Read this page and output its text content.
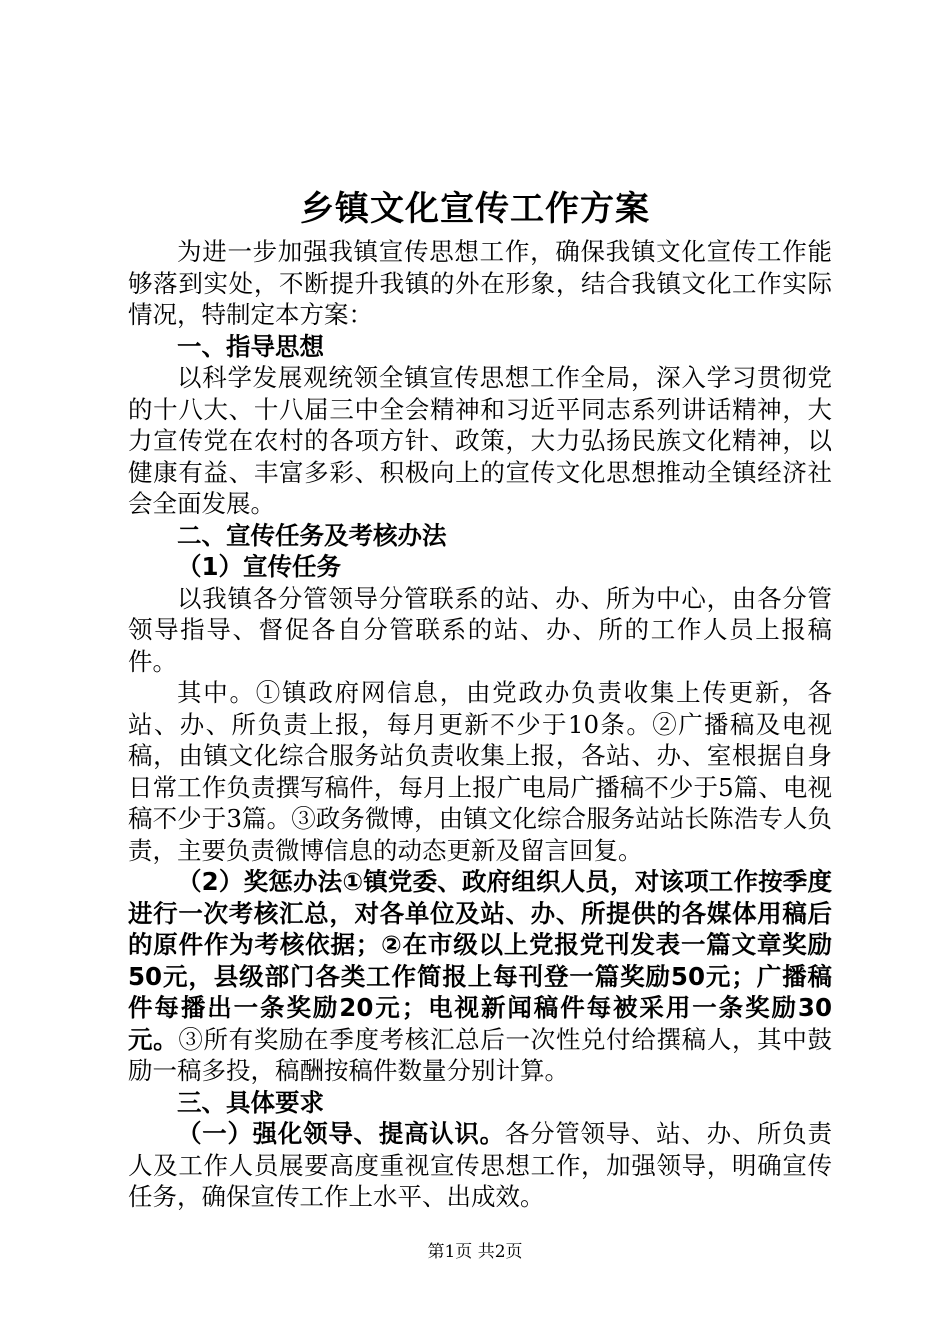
乡镇文化宣传工作方案

为进一步加强我镇宣传思想工作，确保我镇文化宣传工作能够落到实处，不断提升我镇的外在形象，结合我镇文化工作实际情况，特制定本方案：

一、指导思想

以科学发展观统领全镇宣传思想工作全局，深入学习贯彻党的十八大、十八届三中全会精神和习近平同志系列讲话精神，大力宣传党在农村的各项方针、政策，大力弘扬民族文化精神，以健康有益、丰富多彩、积极向上的宣传文化思想推动全镇经济社会全面发展。

二、宣传任务及考核办法

（1）宣传任务

以我镇各分管领导分管联系的站、办、所为中心，由各分管领导指导、督促各自分管联系的站、办、所的工作人员上报稿件。

其中。①镇政府网信息，由党政办负责收集上传更新，各站、办、所负责上报，每月更新不少于10条。②广播稿及电视稿，由镇文化综合服务站负责收集上报，各站、办、室根据自身日常工作负责撰写稿件，每月上报广电局广播稿不少于5篇、电视稿不少于3篇。③政务微博，由镇文化综合服务站站长陈浩专人负责，主要负责微博信息的动态更新及留言回复。

（2）奖惩办法①镇党委、政府组织人员，对该项工作按季度进行一次考核汇总，对各单位及站、办、所提供的各媒体用稿后的原件作为考核依据；②在市级以上党报党刊发表一篇文章奖励50元，县级部门各类工作简报上每刊登一篇奖励50元；广播稿件每播出一条奖励20元；电视新闻稿件每被采用一条奖励30元。③所有奖励在季度考核汇总后一次性兑付给撰稿人，其中鼓励一稿多投，稿酬按稿件数量分别计算。

三、具体要求

（一）强化领导、提高认识。各分管领导、站、办、所负责人及工作人员展要高度重视宣传思想工作，加强领导，明确宣传任务，确保宣传工作上水平、出成效。

第1页 共2页
